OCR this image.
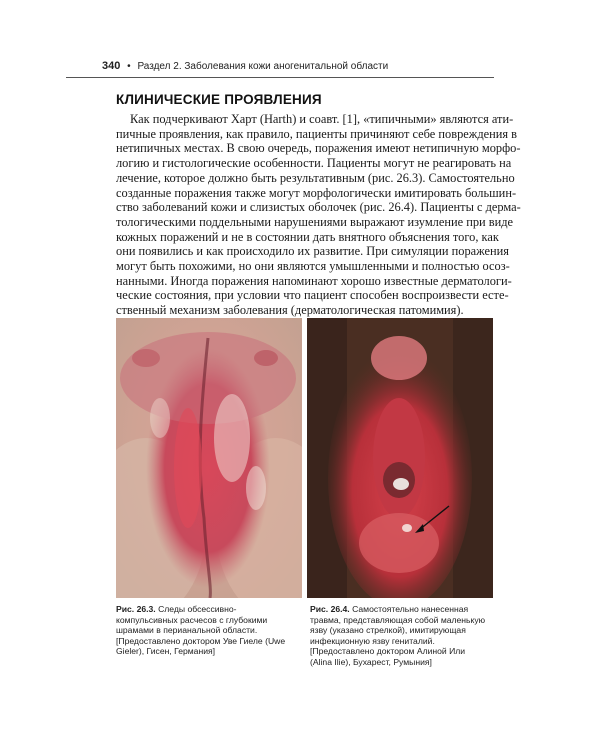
340 • Раздел 2. Заболевания кожи аногенитальной области
КЛИНИЧЕСКИЕ ПРОЯВЛЕНИЯ
Как подчеркивают Харт (Harth) и соавт. [1], «типичными» являются ати-
пичные проявления, как правило, пациенты причиняют себе повреждения в
нетипичных местах. В свою очередь, поражения имеют нетипичную морфо-
логию и гистологические особенности. Пациенты могут не реагировать на
лечение, которое должно быть результативным (рис. 26.3). Самостоятельно
созданные поражения также могут морфологически имитировать большин-
ство заболеваний кожи и слизистых оболочек (рис. 26.4). Пациенты с дерма-
тологическими поддельными нарушениями выражают изумление при виде
кожных поражений и не в состоянии дать внятного объяснения того, как
они появились и как происходило их развитие. При симуляции поражения
могут быть похожими, но они являются умышленными и полностью осоз-
нанными. Иногда поражения напоминают хорошо известные дерматологи-
ческие состояния, при условии что пациент способен воспроизвести есте-
ственный механизм заболевания (дерматологическая патомимия).
Рис. 26.3. Следы обсессивно-
компульсивных расчесов с глубокими
шрамами в перианальной области.
[Предоставлено доктором Уве Гиеле (Uwe
Gieler), Гисен, Германия]
Рис. 26.4. Самостоятельно нанесенная
травма, представляющая собой маленькую
язву (указано стрелкой), имитирующая
инфекционную язву гениталий.
[Предоставлено доктором Алиной Или
(Alina Ilie), Бухарест, Румыния]
